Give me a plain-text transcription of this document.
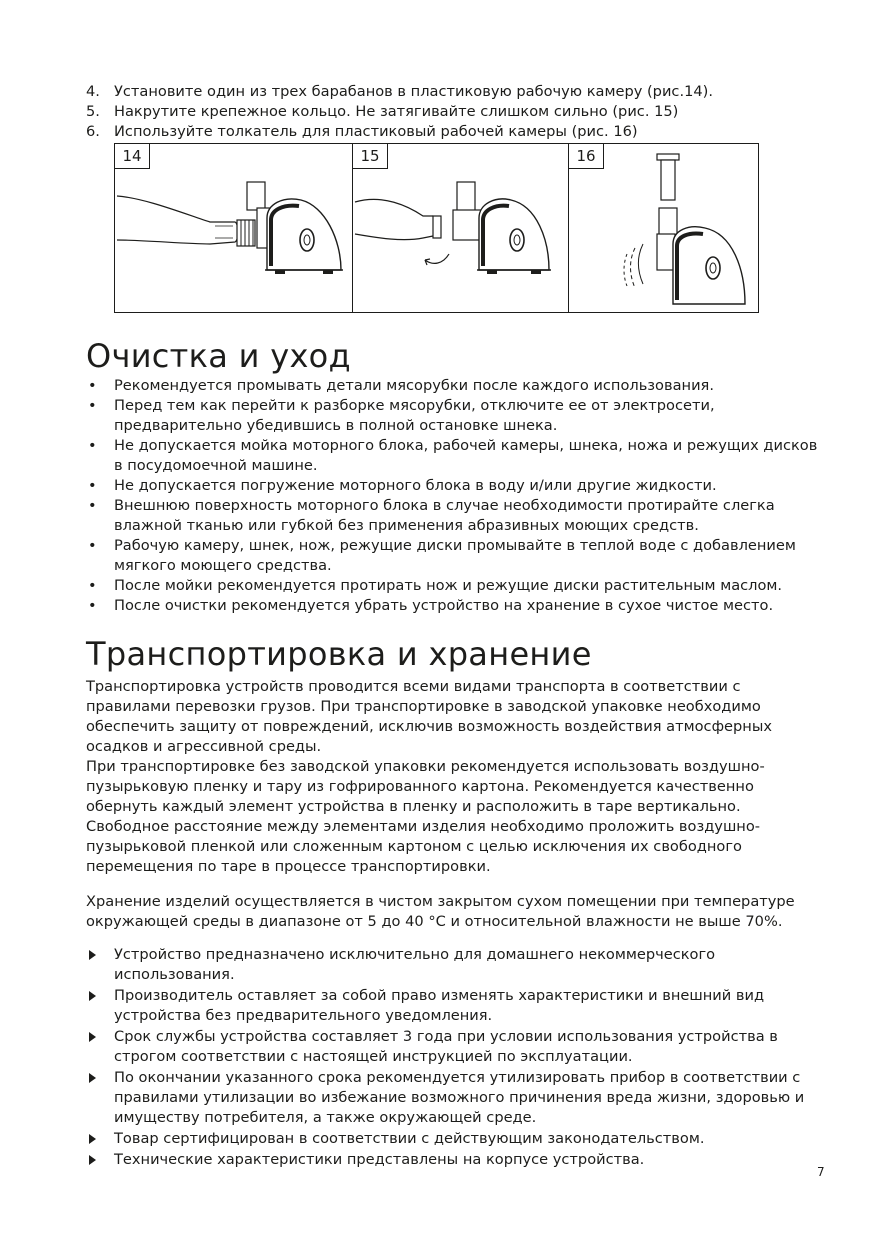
4. Установите один из трех барабанов в пластиковую рабочую камеру (рис.14).
5. Накрутите крепежное кольцо. Не затягивайте слишком сильно (рис. 15)
6. Используйте толкатель для пластиковый рабочей камеры (рис. 16)
14	15	16
Очистка и уход
• Рекомендуется промывать детали мясорубки после каждого использования.
• Перед тем как перейти к разборке мясорубки, отключите ее от электросети, предварительно убедившись в полной остановке шнека.
• Не допускается мойка моторного блока, рабочей камеры, шнека, ножа и режущих дисков в посудомоечной машине.
• Не допускается погружение моторного блока в воду и/или другие жидкости.
• Внешнюю поверхность моторного блока в случае необходимости протирайте слегка влажной тканью или губкой без применения абразивных моющих средств.
• Рабочую камеру, шнек, нож, режущие диски промывайте в теплой воде с добавлением мягкого моющего средства.
• После мойки рекомендуется протирать нож и режущие диски растительным маслом.
• После очистки рекомендуется убрать устройство на хранение в сухое чистое место.
Транспортировка и хранение

Транспортировка устройств проводится всеми видами транспорта в соответствии с правилами перевозки грузов. При транспортировке в заводской упаковке необходимо обеспечить защиту от повреждений, исключив возможность воздействия атмосферных осадков и агрессивной среды.

При транспортировке без заводской упаковки рекомендуется использовать воздушно-пузырьковую пленку и тару из гофрированного картона. Рекомендуется качественно обернуть каждый элемент устройства в пленку и расположить в таре вертикально. Свободное расстояние между элементами изделия необходимо проложить воздушно-пузырьковой пленкой или сложенным картоном с целью исключения их свободного перемещения по таре в процессе транспортировки.

Хранение изделий осуществляется в чистом закрытом сухом помещении при температуре окружающей среды в диапазоне от 5 до 40 °С и относительной влажности не выше 70%.

Устройство предназначено исключительно для домашнего некоммерческого использования.
Производитель оставляет за собой право изменять характеристики и внешний вид устройства без предварительного уведомления.
Срок службы устройства составляет 3 года при условии использования устройства в строгом соответствии с настоящей инструкцией по эксплуатации.
По окончании указанного срока рекомендуется утилизировать прибор в соответствии с правилами утилизации во избежание возможного причинения вреда жизни, здоровью и имуществу потребителя, а также окружающей среде.
Товар сертифицирован в соответствии с действующим законодательством.
Технические характеристики представлены на корпусе устройства.
7
